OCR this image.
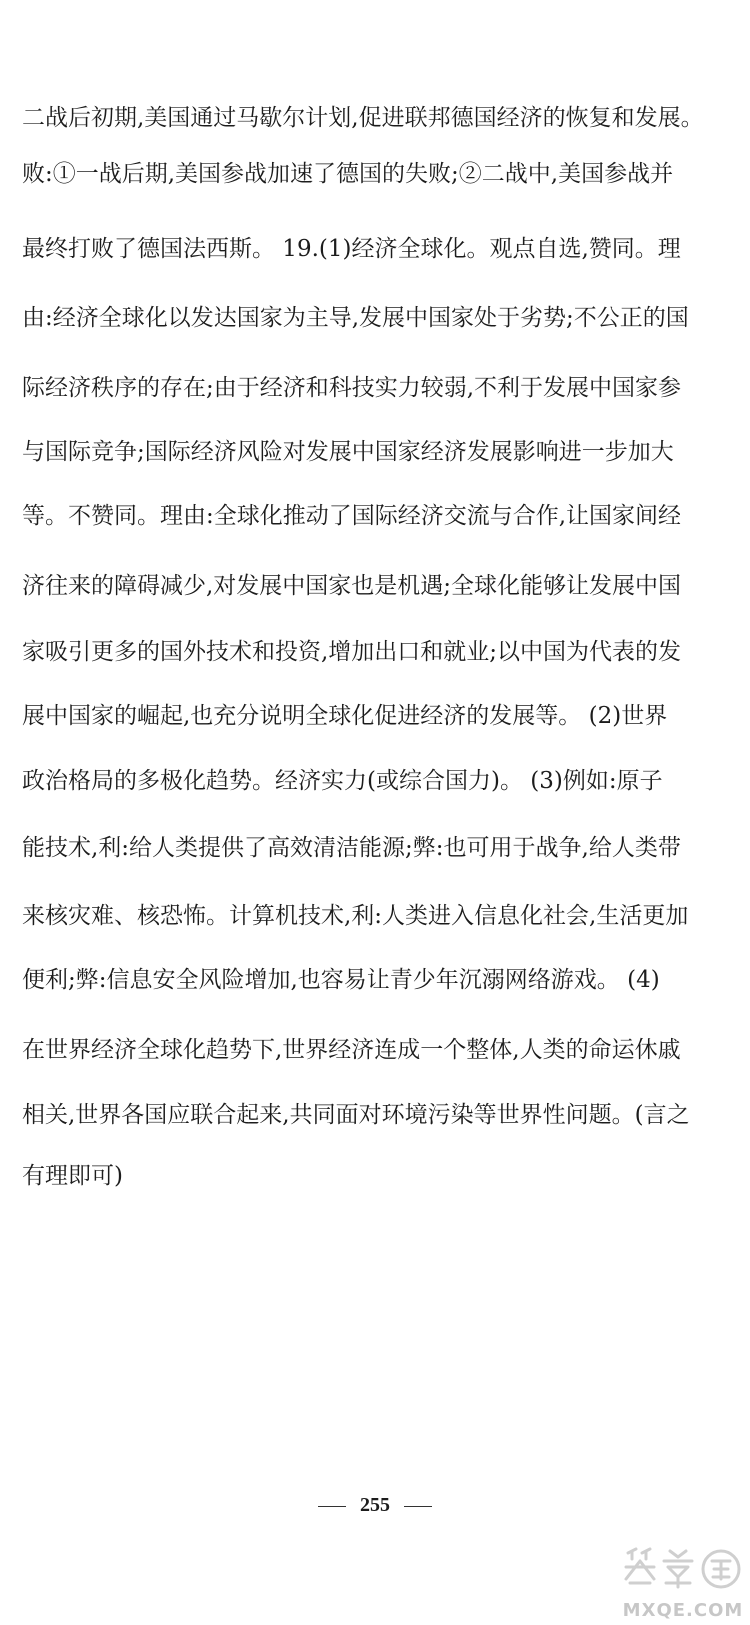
二战后初期,美国通过马歇尔计划,促进联邦德国经济的恢复和发展。
败:①一战后期,美国参战加速了德国的失败;②二战中,美国参战并
最终打败了德国法西斯。 19.(1)经济全球化。观点自选,赞同。理
由:经济全球化以发达国家为主导,发展中国家处于劣势;不公正的国
际经济秩序的存在;由于经济和科技实力较弱,不利于发展中国家参
与国际竞争;国际经济风险对发展中国家经济发展影响进一步加大
等。不赞同。理由:全球化推动了国际经济交流与合作,让国家间经
济往来的障碍减少,对发展中国家也是机遇;全球化能够让发展中国
家吸引更多的国外技术和投资,增加出口和就业;以中国为代表的发
展中国家的崛起,也充分说明全球化促进经济的发展等。 (2)世界
政治格局的多极化趋势。经济实力(或综合国力)。 (3)例如:原子
能技术,利:给人类提供了高效清洁能源;弊:也可用于战争,给人类带
来核灾难、核恐怖。计算机技术,利:人类进入信息化社会,生活更加
便利;弊:信息安全风险增加,也容易让青少年沉溺网络游戏。 (4)
在世界经济全球化趋势下,世界经济连成一个整体,人类的命运休戚
相关,世界各国应联合起来,共同面对环境污染等世界性问题。(言之
有理即可)
255
MXQE.COM
